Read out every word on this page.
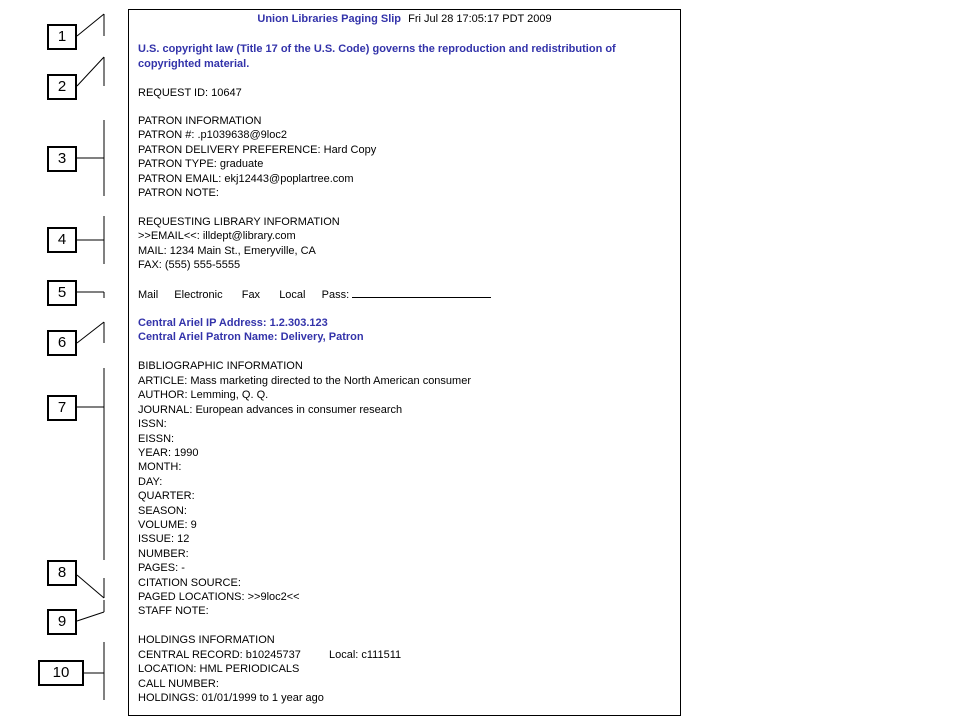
1
2
3
4
5
6
7
8
9
10
Union Libraries Paging Slip Fri Jul 28 17:05:17 PDT 2009
U.S. copyright law (Title 17 of the U.S. Code) governs the reproduction and redistribution of
copyrighted material.
REQUEST ID: 10647
PATRON INFORMATION
PATRON #: .p1039638@9loc2
PATRON DELIVERY PREFERENCE: Hard Copy
PATRON TYPE: graduate
PATRON EMAIL: ekj12443@poplartree.com
PATRON NOTE:
REQUESTING LIBRARY INFORMATION
>>EMAIL<<: illdept@library.com
MAIL: 1234 Main St., Emeryville, CA
FAX: (555) 555-5555
Mail Electronic Fax Local Pass:
Central Ariel IP Address: 1.2.303.123
Central Ariel Patron Name: Delivery, Patron
BIBLIOGRAPHIC INFORMATION
ARTICLE: Mass marketing directed to the North American consumer
AUTHOR: Lemming, Q. Q.
JOURNAL: European advances in consumer research
ISSN:
EISSN:
YEAR: 1990
MONTH:
DAY:
QUARTER:
SEASON:
VOLUME: 9
ISSUE: 12
NUMBER:
PAGES: -
CITATION SOURCE:
PAGED LOCATIONS: >>9loc2<<
STAFF NOTE:
HOLDINGS INFORMATION
CENTRAL RECORD: b10245737	Local: c111511
LOCATION: HML PERIODICALS
CALL NUMBER:
HOLDINGS: 01/01/1999 to 1 year ago
